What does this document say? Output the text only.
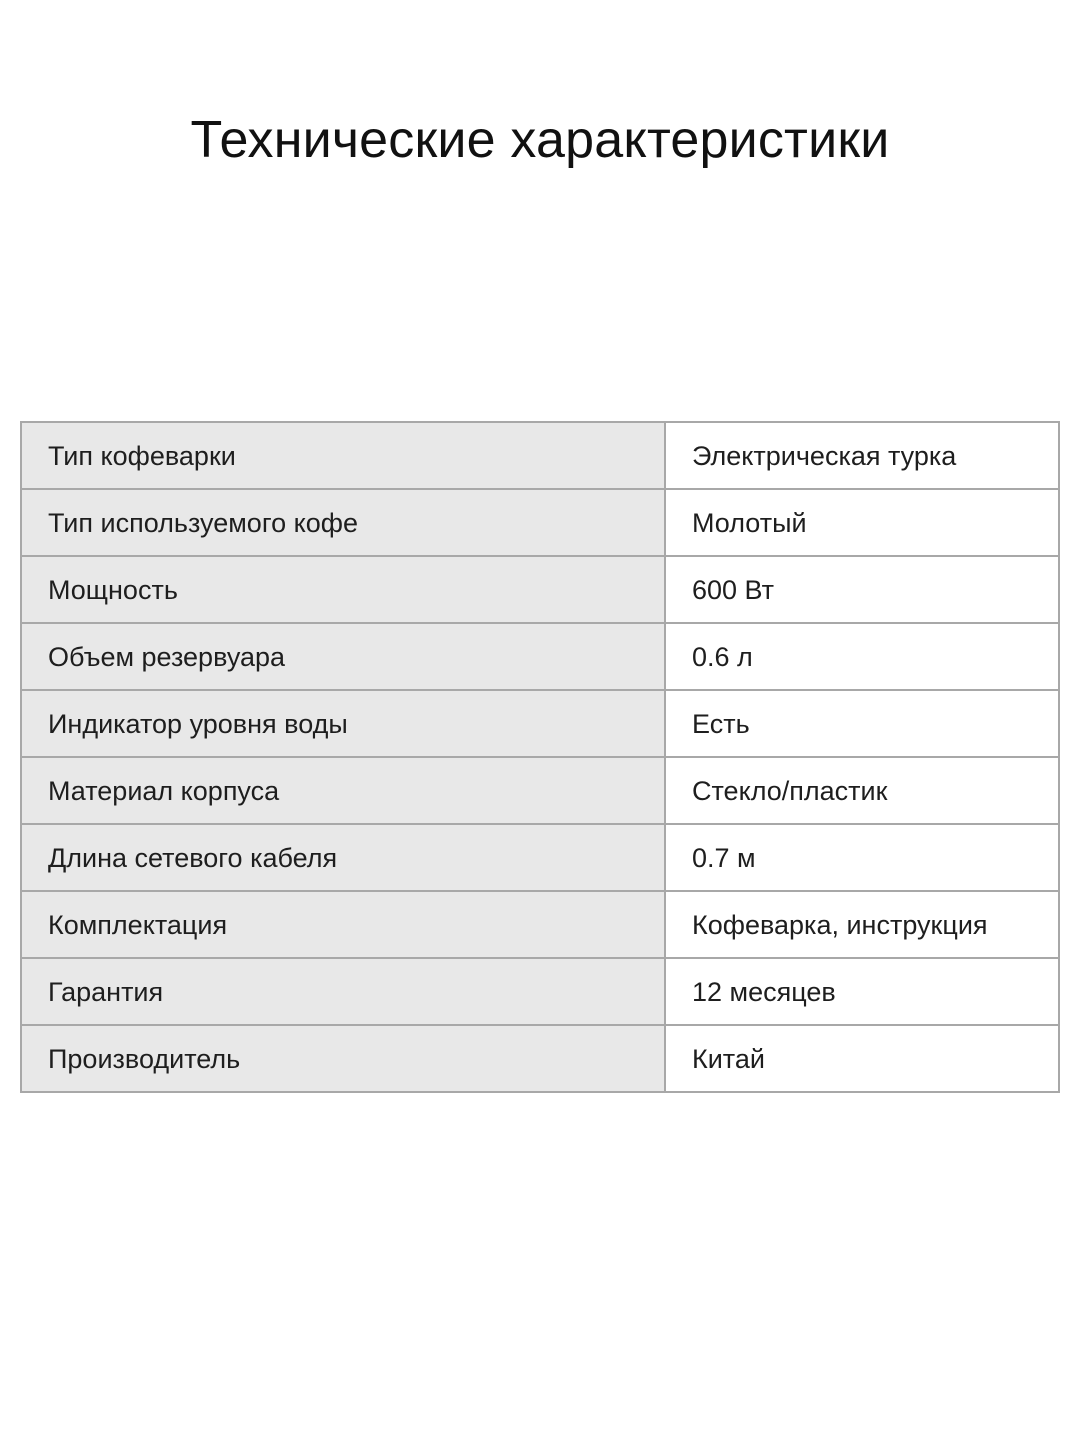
Технические характеристики
Тип кофеварки	Электрическая турка
Тип используемого кофе	Молотый
Мощность	600 Вт
Объем резервуара	0.6 л
Индикатор уровня воды	Есть
Материал корпуса	Стекло/пластик
Длина сетевого кабеля	0.7 м
Комплектация	Кофеварка, инструкция
Гарантия	12 месяцев
Производитель	Китай
